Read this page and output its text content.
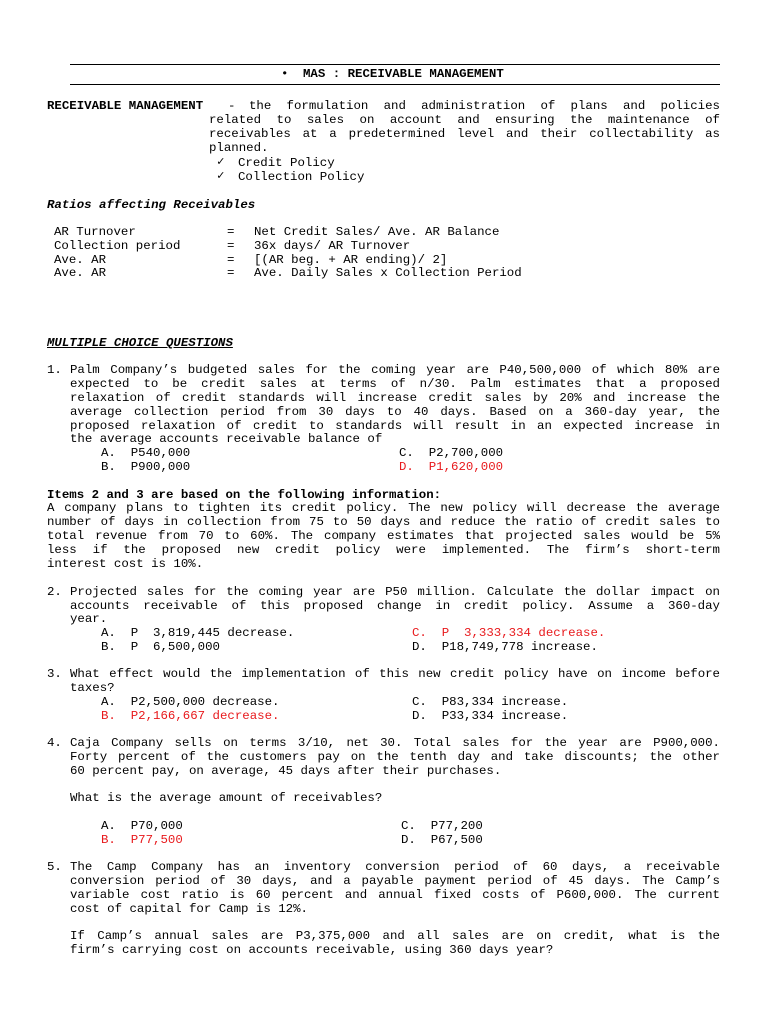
• MAS : RECEIVABLE MANAGEMENT
RECEIVABLE MANAGEMENT - the formulation and administration of plans and policies
related to sales on account and ensuring the maintenance of
receivables at a predetermined level and their collectability as
planned.
✓ Credit Policy
✓ Collection Policy
Ratios affecting Receivables
AR Turnover	= Net Credit Sales/ Ave. AR Balance
Collection period	= 36x days/ AR Turnover
Ave. AR	= [(AR beg. + AR ending)/ 2]
Ave. AR	= Ave. Daily Sales x Collection Period
MULTIPLE CHOICE QUESTIONS
1. Palm Company’s budgeted sales for the coming year are P40,500,000 of which 80% are
expected to be credit sales at terms of n/30. Palm estimates that a proposed
relaxation of credit standards will increase credit sales by 20% and increase the
average collection period from 30 days to 40 days. Based on a 360-day year, the
proposed relaxation of credit to standards will result in an expected increase in
the average accounts receivable balance of
A.  P540,000	C.  P2,700,000
B.  P900,000	D.  P1,620,000
Items 2 and 3 are based on the following information:
A company plans to tighten its credit policy. The new policy will decrease the average
number of days in collection from 75 to 50 days and reduce the ratio of credit sales to
total revenue from 70 to 60%. The company estimates that projected sales would be 5%
less if the proposed new credit policy were implemented. The firm’s short-term
interest cost is 10%.
2. Projected sales for the coming year are P50 million. Calculate the dollar impact on
accounts receivable of this proposed change in credit policy. Assume a 360-day
year.
A.  P  3,819,445 decrease.	C.  P  3,333,334 decrease.
B.  P  6,500,000	D.  P18,749,778 increase.
3. What effect would the implementation of this new credit policy have on income before
taxes?
A.  P2,500,000 decrease.	C.  P83,334 increase.
B.  P2,166,667 decrease.	D.  P33,334 increase.
4. Caja Company sells on terms 3/10, net 30. Total sales for the year are P900,000.
Forty percent of the customers pay on the tenth day and take discounts; the other
60 percent pay, on average, 45 days after their purchases.
What is the average amount of receivables?
A.  P70,000	C.  P77,200
B.  P77,500	D.  P67,500
5. The Camp Company has an inventory conversion period of 60 days, a receivable
conversion period of 30 days, and a payable payment period of 45 days. The Camp’s
variable cost ratio is 60 percent and annual fixed costs of P600,000. The current
cost of capital for Camp is 12%.
If Camp’s annual sales are P3,375,000 and all sales are on credit, what is the
firm’s carrying cost on accounts receivable, using 360 days year?
